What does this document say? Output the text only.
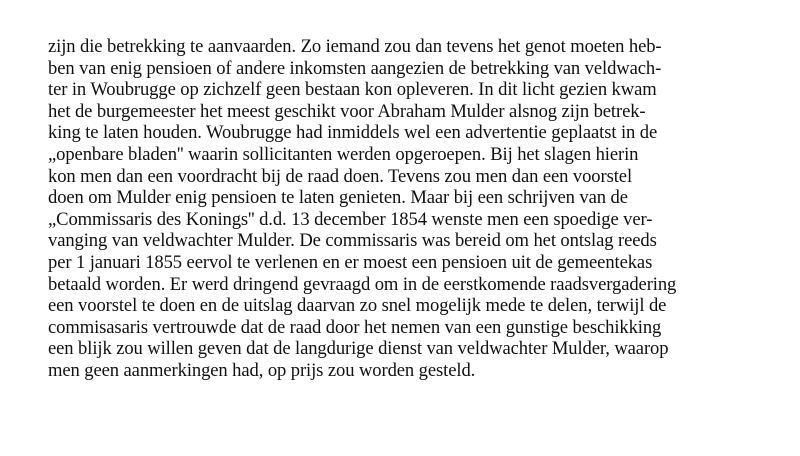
zijn die betrekking te aanvaarden. Zo iemand zou dan tevens het genot moeten heb-
ben van enig pensioen of andere inkomsten aangezien de betrekking van veldwach-
ter in Woubrugge op zichzelf geen bestaan kon opleveren. In dit licht gezien kwam
het de burgemeester het meest geschikt voor Abraham Mulder alsnog zijn betrek-
king te laten houden. Woubrugge had inmiddels wel een advertentie geplaatst in de
„openbare bladen'' waarin sollicitanten werden opgeroepen. Bij het slagen hierin
kon men dan een voordracht bij de raad doen. Tevens zou men dan een voorstel
doen om Mulder enig pensioen te laten genieten. Maar bij een schrijven van de
„Commissaris des Konings'' d.d. 13 december 1854 wenste men een spoedige ver-
vanging van veldwachter Mulder. De commissaris was bereid om het ontslag reeds
per 1 januari 1855 eervol te verlenen en er moest een pensioen uit de gemeentekas
betaald worden. Er werd dringend gevraagd om in de eerstkomende raadsvergadering
een voorstel te doen en de uitslag daarvan zo snel mogelijk mede te delen, terwijl de
commisasaris vertrouwde dat de raad door het nemen van een gunstige beschikking
een blijk zou willen geven dat de langdurige dienst van veldwachter Mulder, waarop
men geen aanmerkingen had, op prijs zou worden gesteld.
